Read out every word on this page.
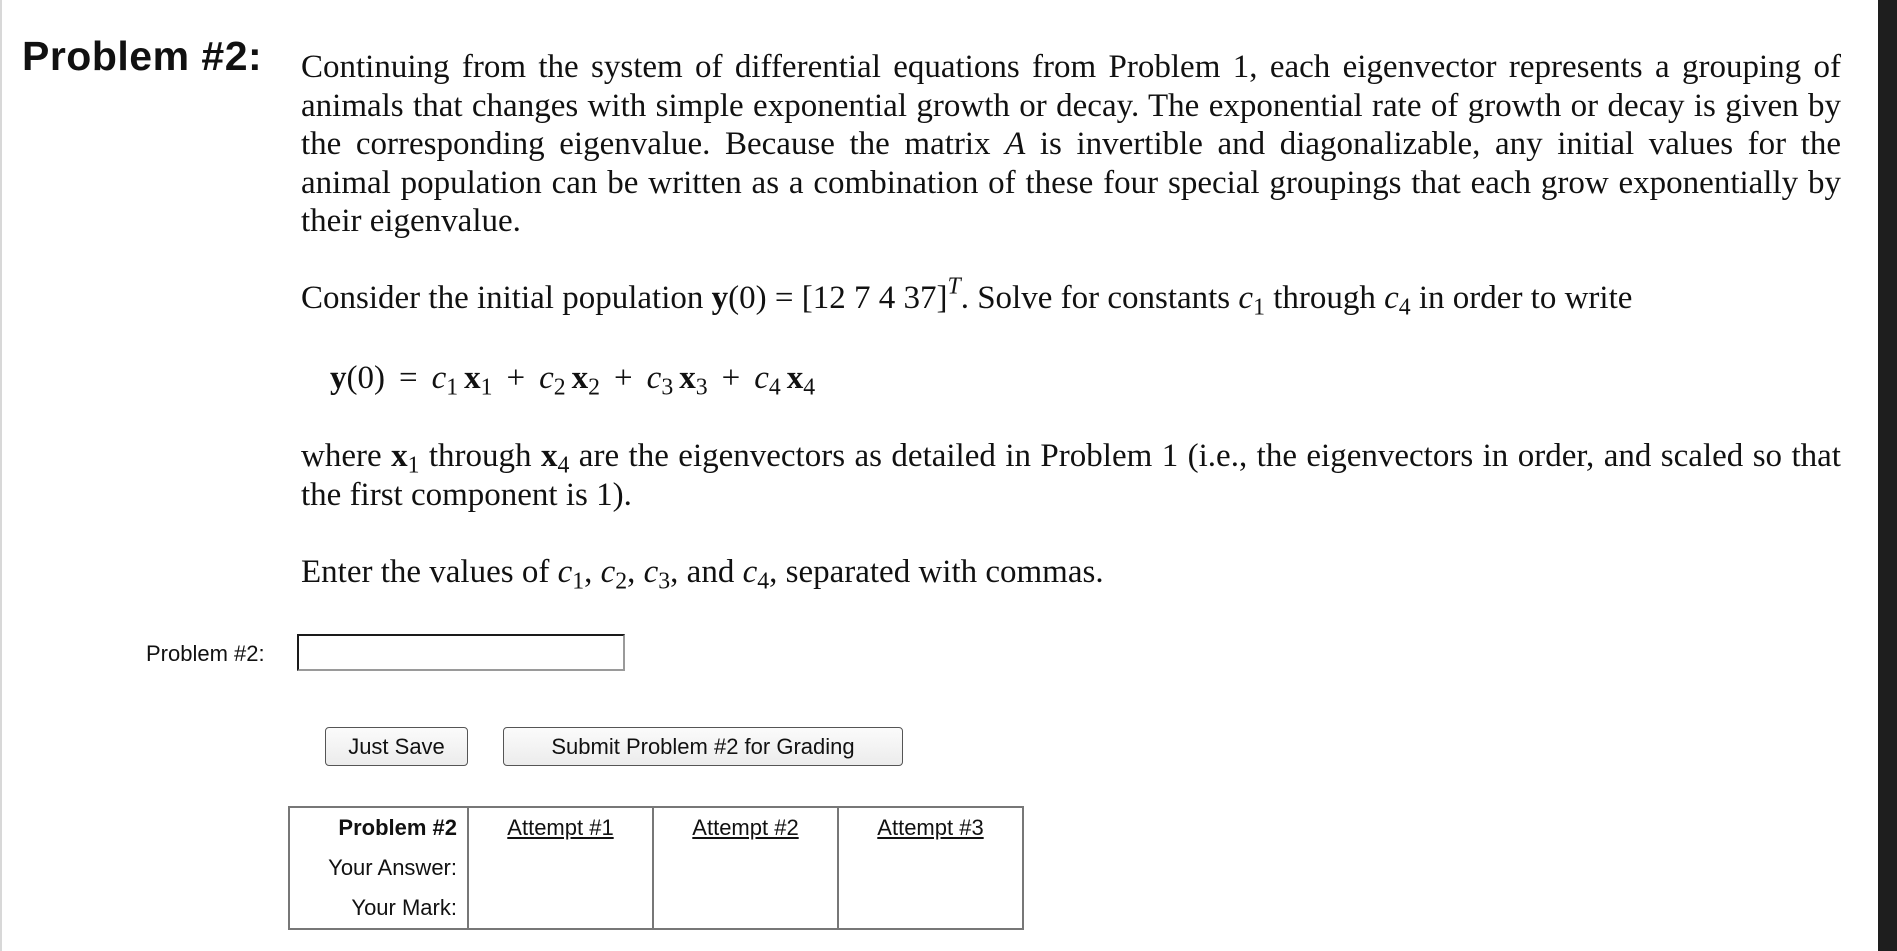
Problem #2: Continuing from the system of differential equations from Problem 1, each eigenvector represents a grouping of animals that changes with simple exponential growth or decay. The exponential rate of growth or decay is given by the corresponding eigenvalue. Because the matrix A is invertible and diagonalizable, any initial values for the animal population can be written as a combination of these four special groupings that each grow exponentially by their eigenvalue.

Consider the initial population y(0) = [12 7 4 37]$^T$. Solve for constants $c_1$ through $c_4$ in order to write
$y(0) = c_1$ $x_1 + c_2$ $x_2 + c_3$ $x_3 + c_4$ $x_4$
where $x_1$ through $x_4$ are the eigenvectors as detailed in Problem 1 (i.e., the eigenvectors in order, and scaled so that the first component is 1).
Enter the values of $c_1$, $c_2$, $c_3$, and $c_4$, separated with commas.
Problem #2:
Just Save	Submit Problem #2 for Grading
Problem #2	Attempt #1	Attempt #2	Attempt #3
Your Answer:			
Your Mark:			
